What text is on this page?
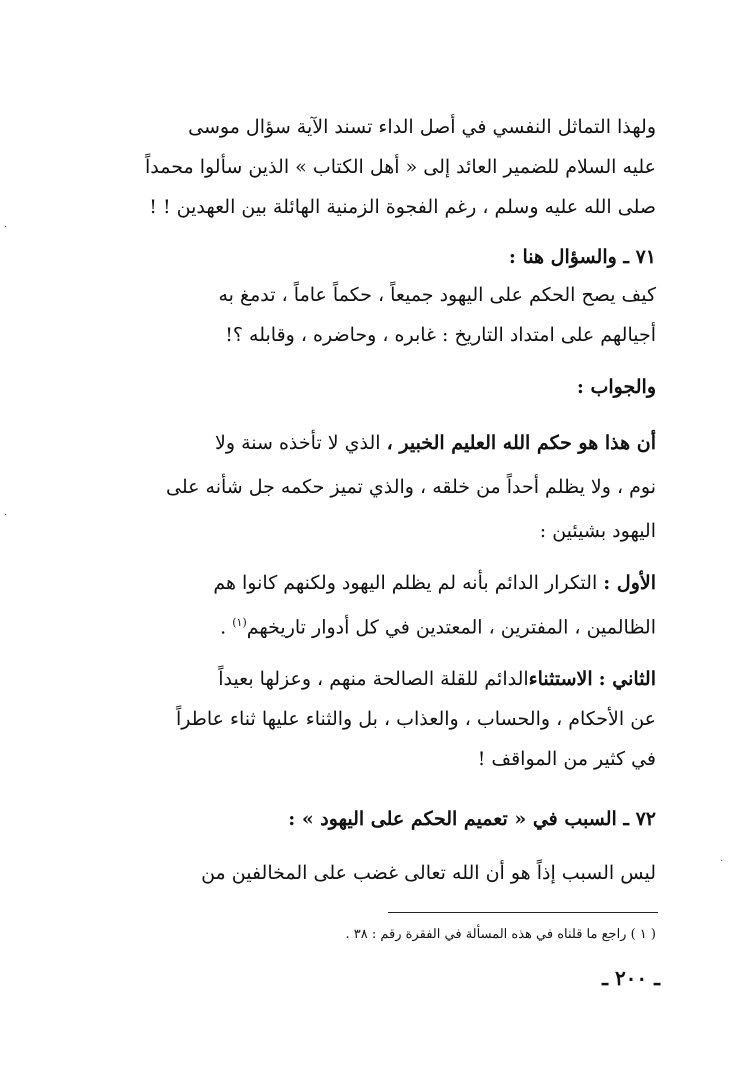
ولهذا التماثل النفسي في أصل الداء تسند الآية سؤال موسى
عليه السلام للضمير العائد إلى « أهل الكتاب » الذين سألوا محمداً
صلى الله عليه وسلم ، رغم الفجوة الزمنية الهائلة بين العهدين ! !
٧١ ـ والسؤال هنا :
كيف يصح الحكم على اليهود جميعاً ، حكماً عاماً ، تدمغ به
أجيالهم على امتداد التاريخ : غابره ، وحاضره ، وقابله ؟!
والجواب :
أن هذا هو حكم الله العليم الخبير ، الذي لا تأخذه سنة ولا
نوم ، ولا يظلم أحداً من خلقه ، والذي تميز حكمه جل شأنه على
اليهود بشيئين :
الأول : التكرار الدائم بأنه لم يظلم اليهود ولكنهم كانوا هم
الظالمين ، المفترين ، المعتدين في كل أدوار تاريخهم$^{(١)}$ .
الثاني : الاستثناءالدائم للقلة الصالحة منهم ، وعزلها بعيداً
عن الأحكام ، والحساب ، والعذاب ، بل والثناء عليها ثناء عاطراً
في كثير من المواقف !
٧٢ ـ السبب في « تعميم الحكم على اليهود » :
ليس السبب إذاً هو أن الله تعالى غضب على المخالفين من
( ١ ) راجع ما قلناه في هذه المسألة في الفقرة رقم : ٣٨ .
ـ ٢٠٠ ـ
·
·
·
